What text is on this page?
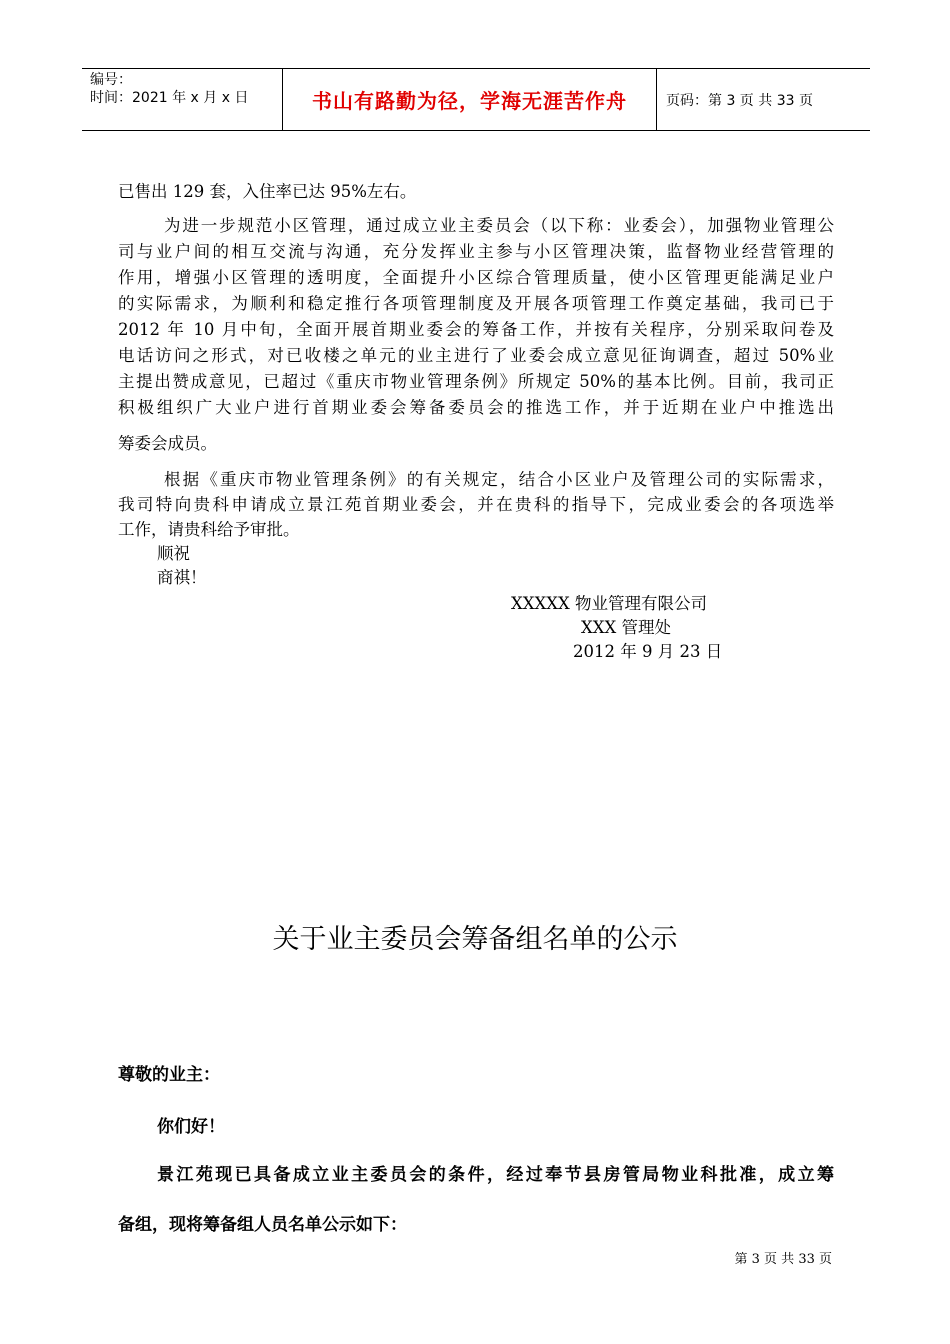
编号：
时间：2021 年 x 月 x 日	书山有路勤为径，学海无涯苦作舟	页码：第 3 页 共 33 页
已售出 129 套，入住率已达 95%左右。
为进一步规范小区管理，通过成立业主委员会（以下称：业委会），加强物业管理公
司与业户间的相互交流与沟通，充分发挥业主参与小区管理决策，监督物业经营管理的
作用，增强小区管理的透明度，全面提升小区综合管理质量，使小区管理更能满足业户
的实际需求，为顺利和稳定推行各项管理制度及开展各项管理工作奠定基础，我司已于
2012 年 10 月中旬，全面开展首期业委会的筹备工作，并按有关程序，分别采取问卷及
电话访问之形式，对已收楼之单元的业主进行了业委会成立意见征询调查，超过 50%业
主提出赞成意见，已超过《重庆市物业管理条例》所规定 50%的基本比例。目前，我司正
积极组织广大业户进行首期业委会筹备委员会的推选工作，并于近期在业户中推选出
筹委会成员。
根据《重庆市物业管理条例》的有关规定，结合小区业户及管理公司的实际需求，
我司特向贵科申请成立景江苑首期业委会，并在贵科的指导下，完成业委会的各项选举
工作，请贵科给予审批。
顺祝
商祺！
XXXXX 物业管理有限公司
XXX 管理处
2012 年 9 月 23 日
关于业主委员会筹备组名单的公示
尊敬的业主：
你们好！
景江苑现已具备成立业主委员会的条件，经过奉节县房管局物业科批准，成立筹
备组，现将筹备组人员名单公示如下：
第 3 页 共 33 页
